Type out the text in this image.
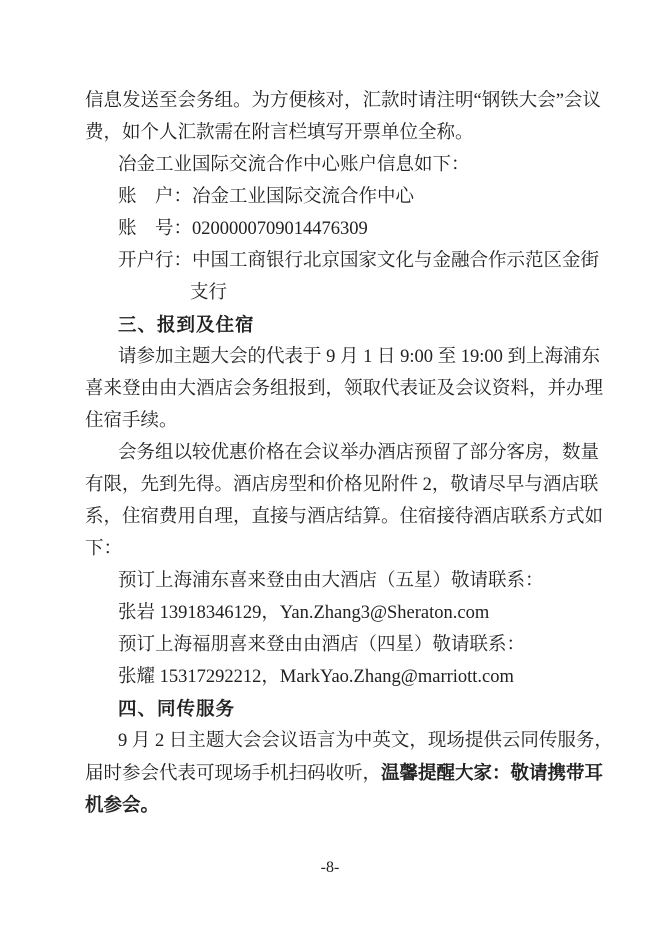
信息发送至会务组。为方便核对，汇款时请注明“钢铁大会”会议
费，如个人汇款需在附言栏填写开票单位全称。
冶金工业国际交流合作中心账户信息如下：
账　户：冶金工业国际交流合作中心
账　号：0200000709014476309
开户行：中国工商银行北京国家文化与金融合作示范区金街
支行
三、报到及住宿
请参加主题大会的代表于 9 月 1 日 9:00 至 19:00 到上海浦东
喜来登由由大酒店会务组报到，领取代表证及会议资料，并办理
住宿手续。
会务组以较优惠价格在会议举办酒店预留了部分客房，数量
有限，先到先得。酒店房型和价格见附件 2，敬请尽早与酒店联
系，住宿费用自理，直接与酒店结算。住宿接待酒店联系方式如
下：
预订上海浦东喜来登由由大酒店（五星）敬请联系：
张岩 13918346129，Yan.Zhang3@Sheraton.com
预订上海福朋喜来登由由酒店（四星）敬请联系：
张耀 15317292212，MarkYao.Zhang@marriott.com
四、同传服务
9 月 2 日主题大会会议语言为中英文，现场提供云同传服务，
届时参会代表可现场手机扫码收听，温馨提醒大家：敬请携带耳
机参会。
-8-
